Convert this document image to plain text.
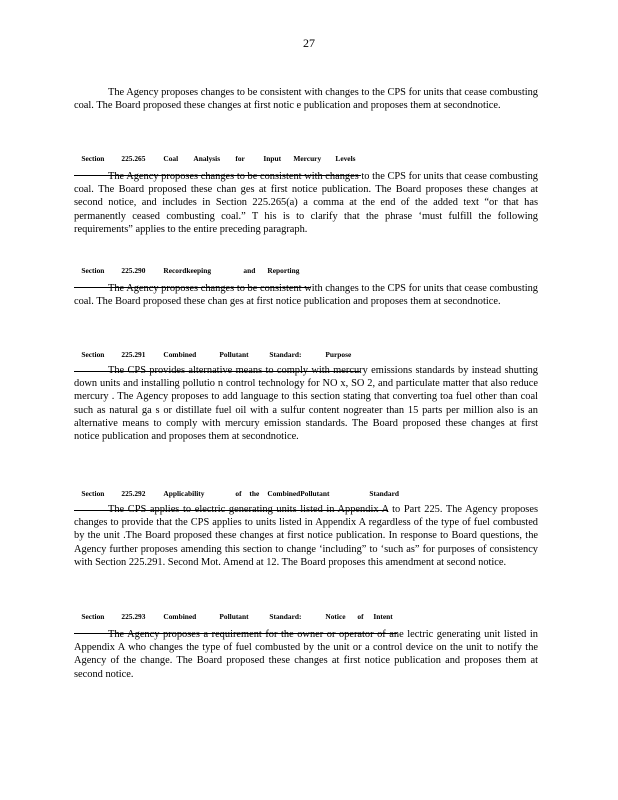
27

The Agency proposes changes to be consistent with changes to the CPS for units that cease combusting coal. The Board proposed these changes at first notic e publication and proposes them at secondnotice.

Section 225.265 Coal Analysis for	Input Mercury Levels

The Agency proposes changes to be consistent with changes to the CPS for units that cease combusting coal. The Board proposed these chan ges at first notice publication. The Board proposes these changes at second notice, and includes in Section 225.265(a) a comma at the end of the added text “or that has permanently ceased combusting coal.” T his is to clarify that the phrase ‘must fulfill the following requirements” applies to the entire preceding paragraph.

Section 225.290 Recordkeeping	and Reporting

The Agency proposes changes to be consistent with changes to the CPS for units that cease combusting coal. The Board proposed these chan ges at first notice publication and proposes them at secondnotice.

Section 225.291 Combined	Pollutant	Standard:	Purpose

The CPS provides alternative means to comply with mercury emissions standards by instead shutting down units and installing pollutio n control technology for NO x, SO 2, and particulate matter that also reduce mercury . The Agency proposes to add language to this section stating that converting toa fuel other than coal such as natural ga s or distillate fuel oil with a sulfur content nogreater than 15 parts per million also is an alternative means to comply with mercury emission standards. The Board proposed these changes at first notice publication and proposes them at secondnotice.

Section 225.292 Applicability	of the CombinedPollutant	Standard

The CPS applies to electric generating units listed in Appendix A to Part 225. The Agency proposes changes to provide that the CPS applies to units listed in Appendix A regardless of the type of fuel combusted by the unit .The Board proposed these changes at first notice publication. In response to Board questions, the Agency further proposes amending this section to change ‘including” to ‘such as” for purposes of consistency with Section 225.291. Second Mot. Amend at 12. The Board proposes this amendment at second notice.

Section 225.293 Combined	Pollutant	Standard:	Notice of Intent

The Agency proposes a requirement for the owner or operator of ane lectric generating unit listed in Appendix A who changes the type of fuel combusted by the unit or a control device on the unit to notify the Agency of the change. The Board proposed these changes at first notice publication and proposes them at second notice.
